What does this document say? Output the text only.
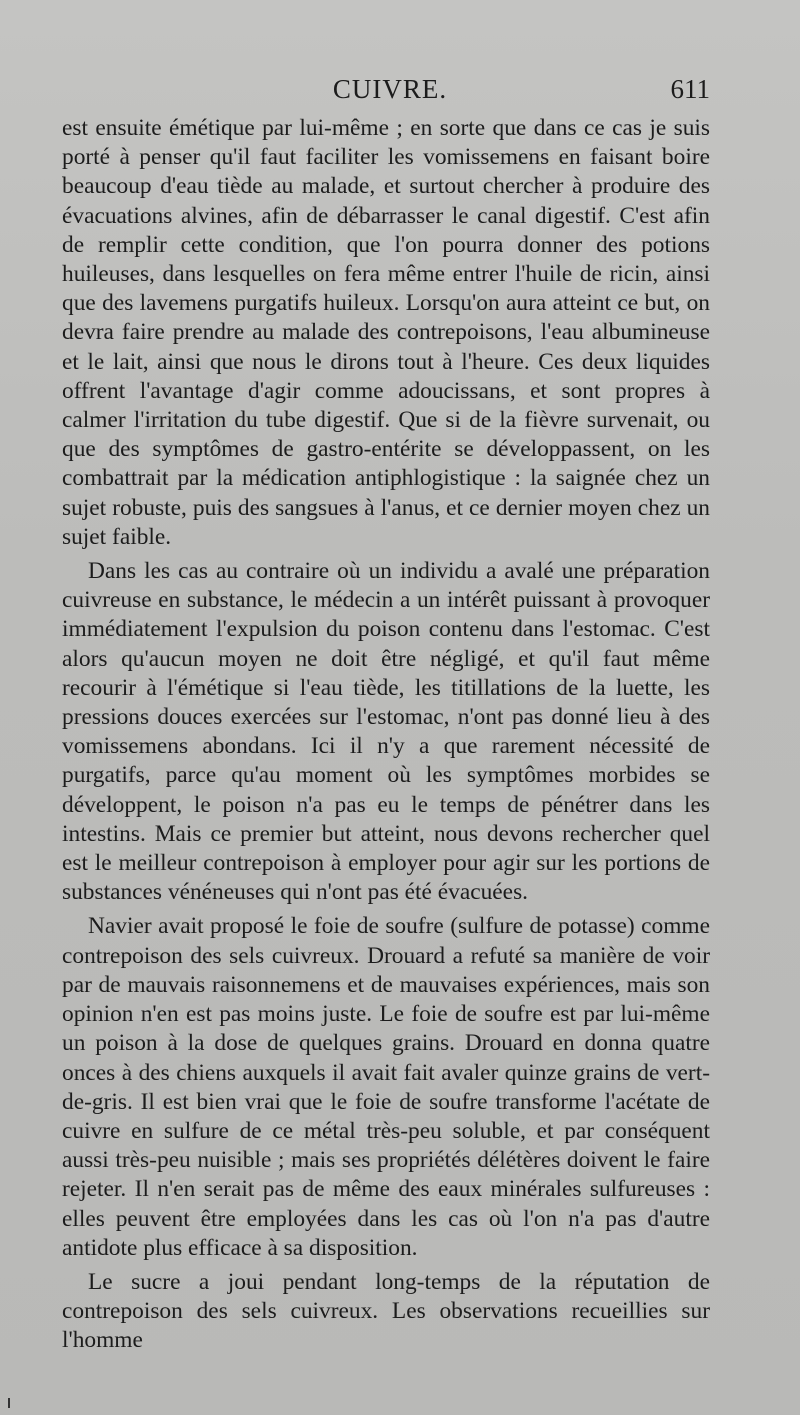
CUIVRE.	611

est ensuite émétique par lui-même ; en sorte que dans ce cas je suis porté à penser qu'il faut faciliter les vomissemens en faisant boire beaucoup d'eau tiède au malade, et surtout chercher à produire des évacuations alvines, afin de débarrasser le canal digestif. C'est afin de remplir cette condition, que l'on pourra donner des potions huileuses, dans lesquelles on fera même entrer l'huile de ricin, ainsi que des lavemens purgatifs huileux. Lorsqu'on aura atteint ce but, on devra faire prendre au malade des contrepoisons, l'eau albumineuse et le lait, ainsi que nous le dirons tout à l'heure. Ces deux liquides offrent l'avantage d'agir comme adoucissans, et sont propres à calmer l'irritation du tube digestif. Que si de la fièvre survenait, ou que des symptômes de gastro-entérite se développassent, on les combattrait par la médication antiphlogistique : la saignée chez un sujet robuste, puis des sangsues à l'anus, et ce dernier moyen chez un sujet faible.

Dans les cas au contraire où un individu a avalé une préparation cuivreuse en substance, le médecin a un intérêt puissant à provoquer immédiatement l'expulsion du poison contenu dans l'estomac. C'est alors qu'aucun moyen ne doit être négligé, et qu'il faut même recourir à l'émétique si l'eau tiède, les titillations de la luette, les pressions douces exercées sur l'estomac, n'ont pas donné lieu à des vomissemens abondans. Ici il n'y a que rarement nécessité de purgatifs, parce qu'au moment où les symptômes morbides se développent, le poison n'a pas eu le temps de pénétrer dans les intestins. Mais ce premier but atteint, nous devons rechercher quel est le meilleur contrepoison à employer pour agir sur les portions de substances vénéneuses qui n'ont pas été évacuées.

Navier avait proposé le foie de soufre (sulfure de potasse) comme contrepoison des sels cuivreux. Drouard a refuté sa manière de voir par de mauvais raisonnemens et de mauvaises expériences, mais son opinion n'en est pas moins juste. Le foie de soufre est par lui-même un poison à la dose de quelques grains. Drouard en donna quatre onces à des chiens auxquels il avait fait avaler quinze grains de vert-de-gris. Il est bien vrai que le foie de soufre transforme l'acétate de cuivre en sulfure de ce métal très-peu soluble, et par conséquent aussi très-peu nuisible ; mais ses propriétés délétères doivent le faire rejeter. Il n'en serait pas de même des eaux minérales sulfureuses : elles peuvent être employées dans les cas où l'on n'a pas d'autre antidote plus efficace à sa disposition.

Le sucre a joui pendant long-temps de la réputation de contrepoison des sels cuivreux. Les observations recueillies sur l'homme
